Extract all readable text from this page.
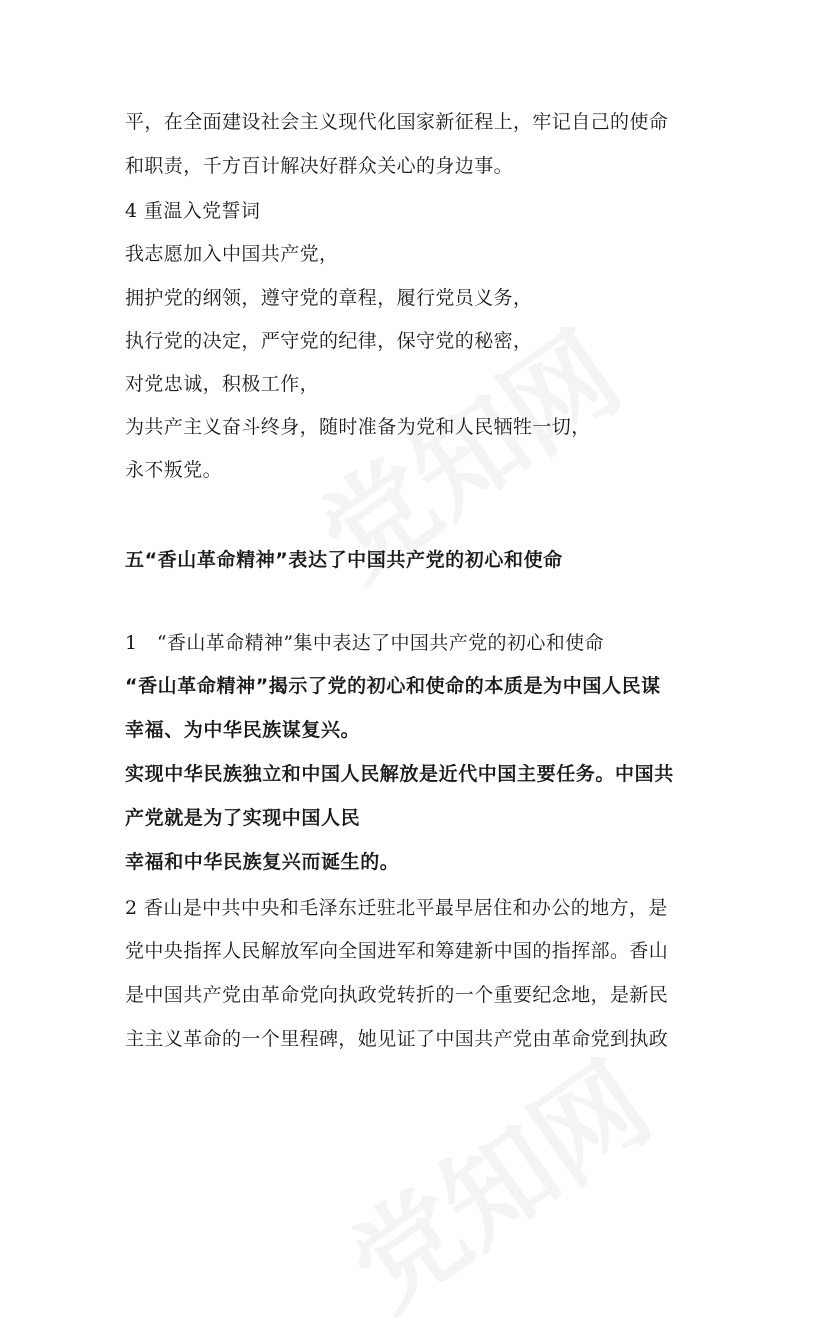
平，在全面建设社会主义现代化国家新征程上，牢记自己的使命
和职责，千方百计解决好群众关心的身边事。
4 重温入党誓词
我志愿加入中国共产党，
拥护党的纲领，遵守党的章程，履行党员义务，
执行党的决定，严守党的纪律，保守党的秘密，
对党忠诚，积极工作，
为共产主义奋斗终身，随时准备为党和人民牺牲一切，
永不叛党。
五“香山革命精神”表达了中国共产党的初心和使命
1　“香山革命精神”集中表达了中国共产党的初心和使命
“香山革命精神”揭示了党的初心和使命的本质是为中国人民谋
幸福、为中华民族谋复兴。
实现中华民族独立和中国人民解放是近代中国主要任务。中国共
产党就是为了实现中国人民
幸福和中华民族复兴而诞生的。
2 香山是中共中央和毛泽东迁驻北平最早居住和办公的地方，是
党中央指挥人民解放军向全国进军和筹建新中国的指挥部。香山
是中国共产党由革命党向执政党转折的一个重要纪念地，是新民
主主义革命的一个里程碑，她见证了中国共产党由革命党到执政
